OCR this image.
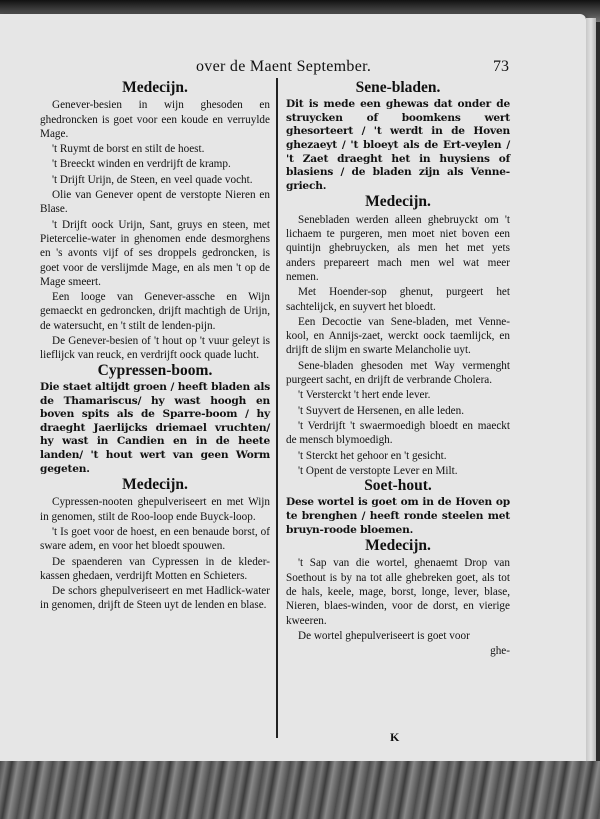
over de Maent September.	73
Medecijn.

Genever-besien in wijn ghesoden en ghedroncken is goet voor een koude en verruylde Mage.

't Ruymt de borst en stilt de hoest.

't Breeckt winden en verdrijft de kramp.

't Drijft Urijn, de Steen, en veel quade vocht.

Olie van Genever opent de verstopte Nieren en Blase.

't Drijft oock Urijn, Sant, gruys en steen, met Pietercelie-water in ghenomen ende desmorghens en 's avonts vijf of ses droppels gedroncken, is goet voor de verslijmde Mage, en als men 't op de Mage smeert.

Een looge van Genever-assche en Wijn gemaeckt en gedroncken, drijft machtigh de Urijn, de watersucht, en 't stilt de lenden-pijn.

De Genever-besien of 't hout op 't vuur geleyt is lieflijck van reuck, en verdrijft oock quade lucht.

Cypressen-boom.

Die staet altijdt groen / heeft bladen als de Thamariscus/ hy wast hoogh en boven spits als de Sparre-boom / hy draeght Jaerlijcks driemael vruchten/ hy wast in Candien en in de heete landen/ 't hout wert van geen Worm gegeten.

Medecijn.

Cypressen-nooten ghepulveriseert en met Wijn in genomen, stilt de Roo-loop ende Buyck-loop.

't Is goet voor de hoest, en een benaude borst, of sware adem, en voor het bloedt spouwen.

De spaenderen van Cypressen in de kleder-kassen ghedaen, verdrijft Motten en Schieters.

De schors ghepulveriseert en met Hadlick-water in genomen, drijft de Steen uyt de lenden en blase.

Sene-bladen.

Dit is mede een ghewas dat onder de struycken of boomkens wert ghesorteert / 't werdt in de Hoven ghezaeyt / 't bloeyt als de Ert-veylen / 't Zaet draeght het in huysiens of blasiens / de bladen zijn als Venne-griech.

Medecijn.

Senebladen werden alleen ghebruyckt om 't lichaem te purgeren, men moet niet boven een quintijn ghebruycken, als men het met yets anders prepareert mach men wel wat meer nemen.

Met Hoender-sop ghenut, purgeert het sachtelijck, en suyvert het bloedt.

Een Decoctie van Sene-bladen, met Venne-kool, en Annijs-zaet, werckt oock taemlijck, en drijft de slijm en swarte Melancholie uyt.

Sene-bladen ghesoden met Way vermenght purgeert sacht, en drijft de verbrande Cholera.

't Versterckt 't hert ende lever.

't Suyvert de Hersenen, en alle leden.

't Verdrijft 't swaermoedigh bloedt en maeckt de mensch blymoedigh.

't Sterckt het gehoor en 't gesicht.

't Opent de verstopte Lever en Milt.

Soet-hout.

Dese wortel is goet om in de Hoven op te brenghen / heeft ronde steelen met bruyn-roode bloemen.

Medecijn.

't Sap van die wortel, ghenaemt Drop van Soethout is by na tot alle ghebreken goet, als tot de hals, keele, mage, borst, longe, lever, blase, Nieren, blaes-winden, voor de dorst, en vierige kweeren.

De wortel ghepulveriseert is goet voor

ghe-
K
